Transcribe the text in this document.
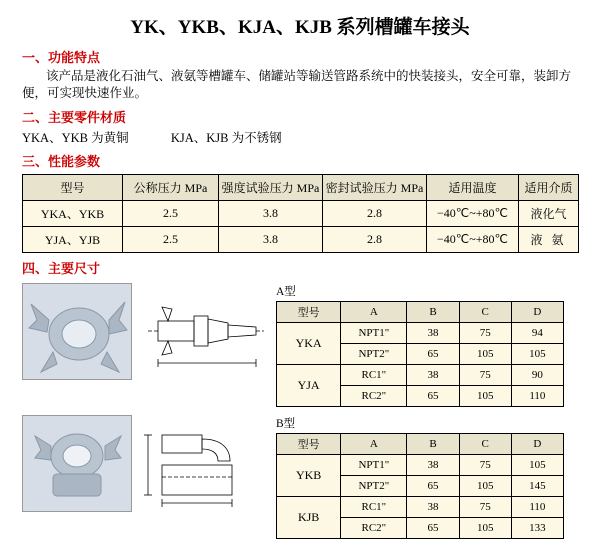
YK、YKB、KJA、KJB 系列槽罐车接头
一、功能特点
该产品是液化石油气、液氨等槽罐车、储罐站等输送管路系统中的快装接头，安全可靠，装卸方便，可实现快速作业。
二、主要零件材质
YKA、YKB 为黄铜	KJA、KJB 为不锈钢
三、性能参数
型号	公称压力 MPa	强度试验压力 MPa	密封试验压力 MPa	适用温度	适用介质
YKA、YKB	2.5	3.8	2.8	−40℃~+80℃	液化气
YJA、YJB	2.5	3.8	2.8	−40℃~+80℃	液 氨
四、主要尺寸
A型
型号	A	B	C	D
YKA	NPT1"	38	75	94
	NPT2"	65	105	105
YJA	RC1"	38	75	90
	RC2"	65	105	110
B型
型号	A	B	C	D
YKB	NPT1"	38	75	105
	NPT2"	65	105	145
KJB	RC1"	38	75	110
	RC2"	65	105	133
